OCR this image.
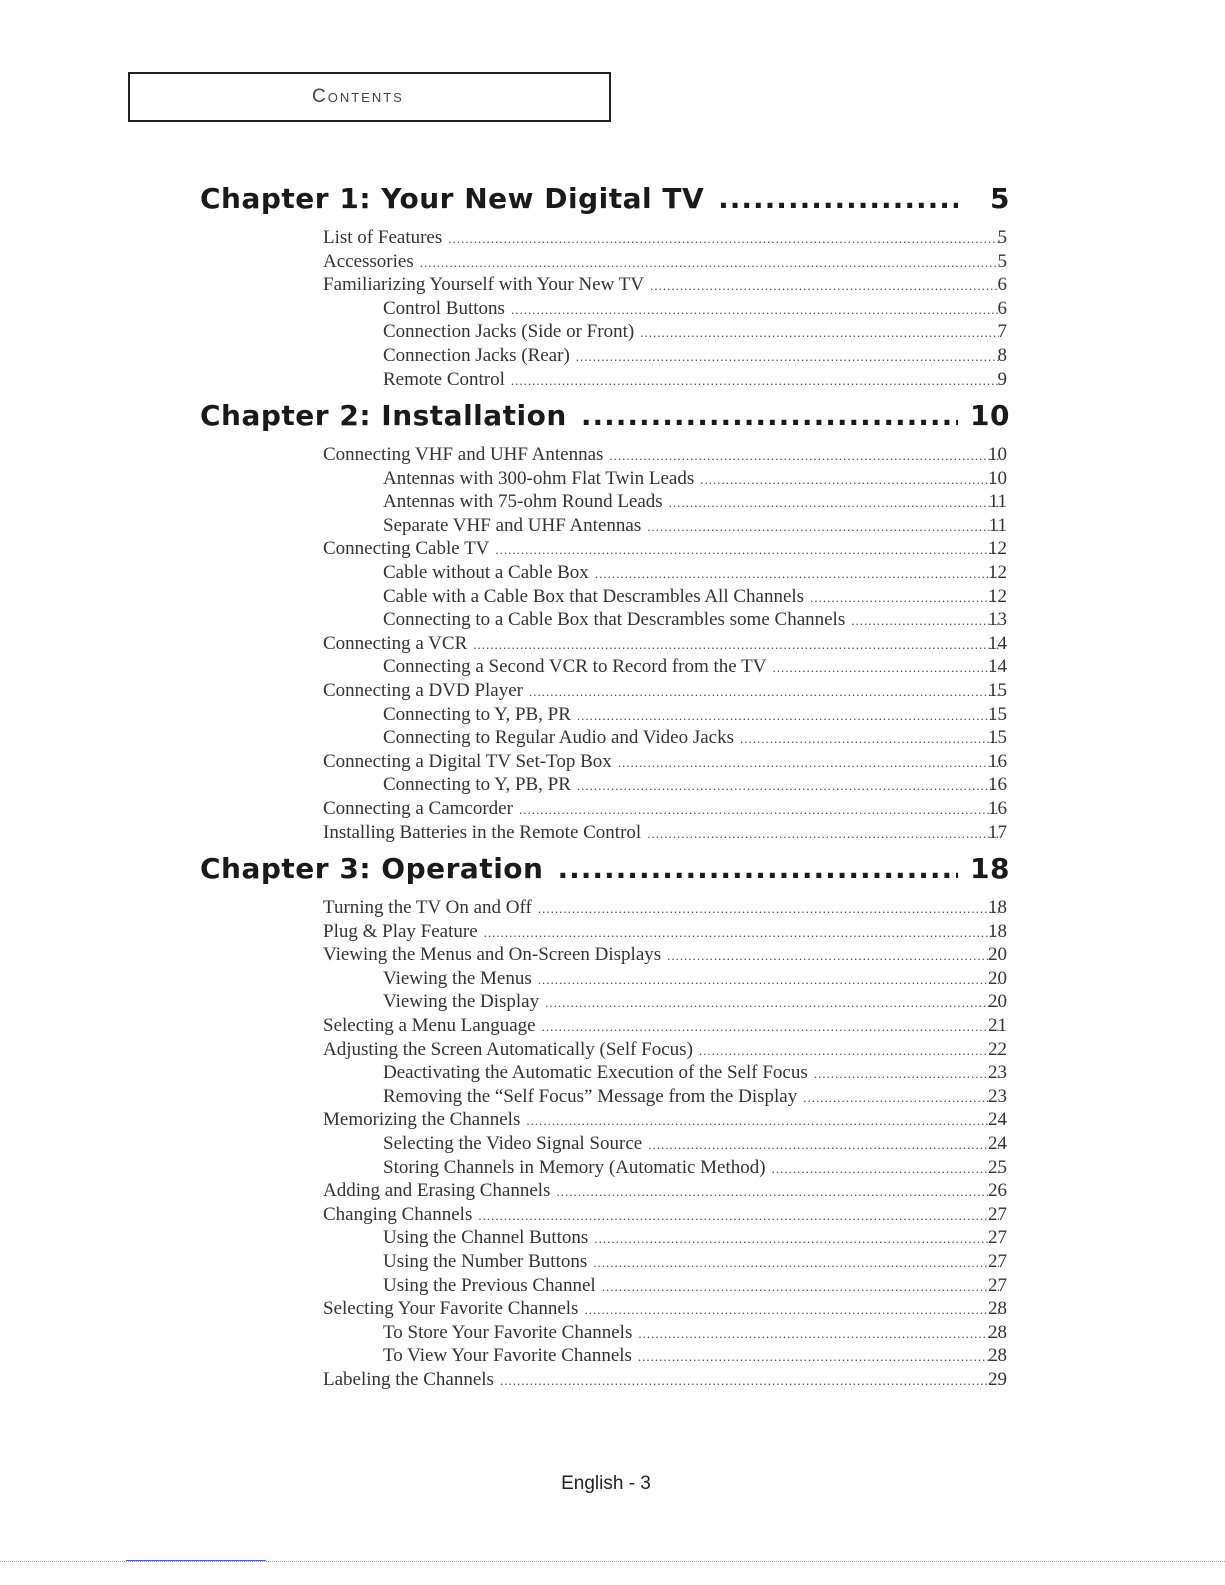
Contents
Chapter 1: Your New Digital TV .....	5
List of Features .....	5
Accessories .....	5
Familiarizing Yourself with Your New TV .....	6
Control Buttons .....	6
Connection Jacks (Side or Front) .....	7
Connection Jacks (Rear) .....	8
Remote Control .....	9
Chapter 2: Installation .....	10
Connecting VHF and UHF Antennas .....	10
Antennas with 300-ohm Flat Twin Leads .....	10
Antennas with 75-ohm Round Leads .....	11
Separate VHF and UHF Antennas .....	11
Connecting Cable TV .....	12
Cable without a Cable Box .....	12
Cable with a Cable Box that Descrambles All Channels .....	12
Connecting to a Cable Box that Descrambles some Channels .....	13
Connecting a VCR .....	14
Connecting a Second VCR to Record from the TV .....	14
Connecting a DVD Player .....	15
Connecting to Y, PB, PR .....	15
Connecting to Regular Audio and Video Jacks .....	15
Connecting a Digital TV Set-Top Box .....	16
Connecting to Y, PB, PR .....	16
Connecting a Camcorder .....	16
Installing Batteries in the Remote Control .....	17
Chapter 3: Operation .....	18
Turning the TV On and Off .....	18
Plug & Play Feature .....	18
Viewing the Menus and On-Screen Displays .....	20
Viewing the Menus .....	20
Viewing the Display .....	20
Selecting a Menu Language .....	21
Adjusting the Screen Automatically (Self Focus) .....	22
Deactivating the Automatic Execution of the Self Focus .....	23
Removing the “Self Focus” Message from the Display .....	23
Memorizing the Channels .....	24
Selecting the Video Signal Source .....	24
Storing Channels in Memory (Automatic Method) .....	25
Adding and Erasing Channels .....	26
Changing Channels .....	27
Using the Channel Buttons .....	27
Using the Number Buttons .....	27
Using the Previous Channel .....	27
Selecting Your Favorite Channels .....	28
To Store Your Favorite Channels .....	28
To View Your Favorite Channels .....	28
Labeling the Channels .....	29
English - 3
